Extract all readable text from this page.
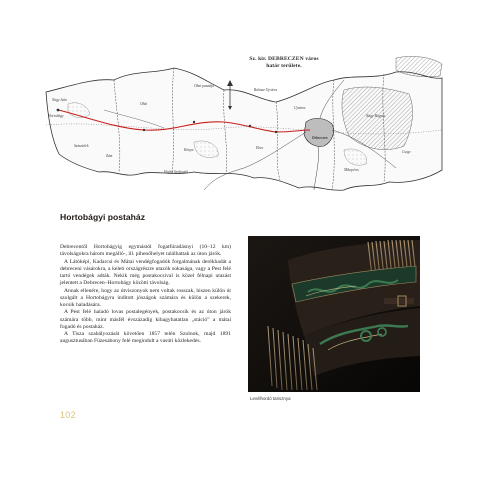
Sz. kir. DEBRECZEN város
határ területe.
Nagy Iván
Hortobágy
Szásztelek
Ohát
Zám
Kónya	Ebes
Debreczen
Mikepércs
Hajdu Szoboszló
Nagy Hegyes
Balmaz Ujváros
Ujváros
Ohat pusztája
Csege
Hortobágyi postaház

Debrecentől Hortobágyig egymástól fogatfúradásnyi (10–12 km) távolságokra három megálló-, ill. pihenőhelyet találhattak az úton járók.

A Látóképi, Kadarcsi és Mátai vendégfogadók forgalmának derékhadát a debreceni vásárokra, a keleti országrészre utazók sokasága, vagy a Pest felé tartó vendégek adták. Nekik még postakocsival is közel félnapi utazást jelentett a Debrecen–Hortobágy közötti távolság.

Annak ellenére, hogy az útviszonyok nem voltak rosszak, hiszen külön út szolgált a Hortobágyra indított jószágok számára és külön a szekerek, kocsik haladására.

A Pest felé haladó lovas postalegények, postakocsik és az úton járók számára több, mint másfél évszázadig kihagyhatatlan „stáció” a mátai fogadó és postaház.

A Tisza szabályozását követően 1857 telén Szolnok, majd 1891 augusztusában Füzesabony felé megindult a vasúti közlekedés.

Levélhordó tarisznya
102
